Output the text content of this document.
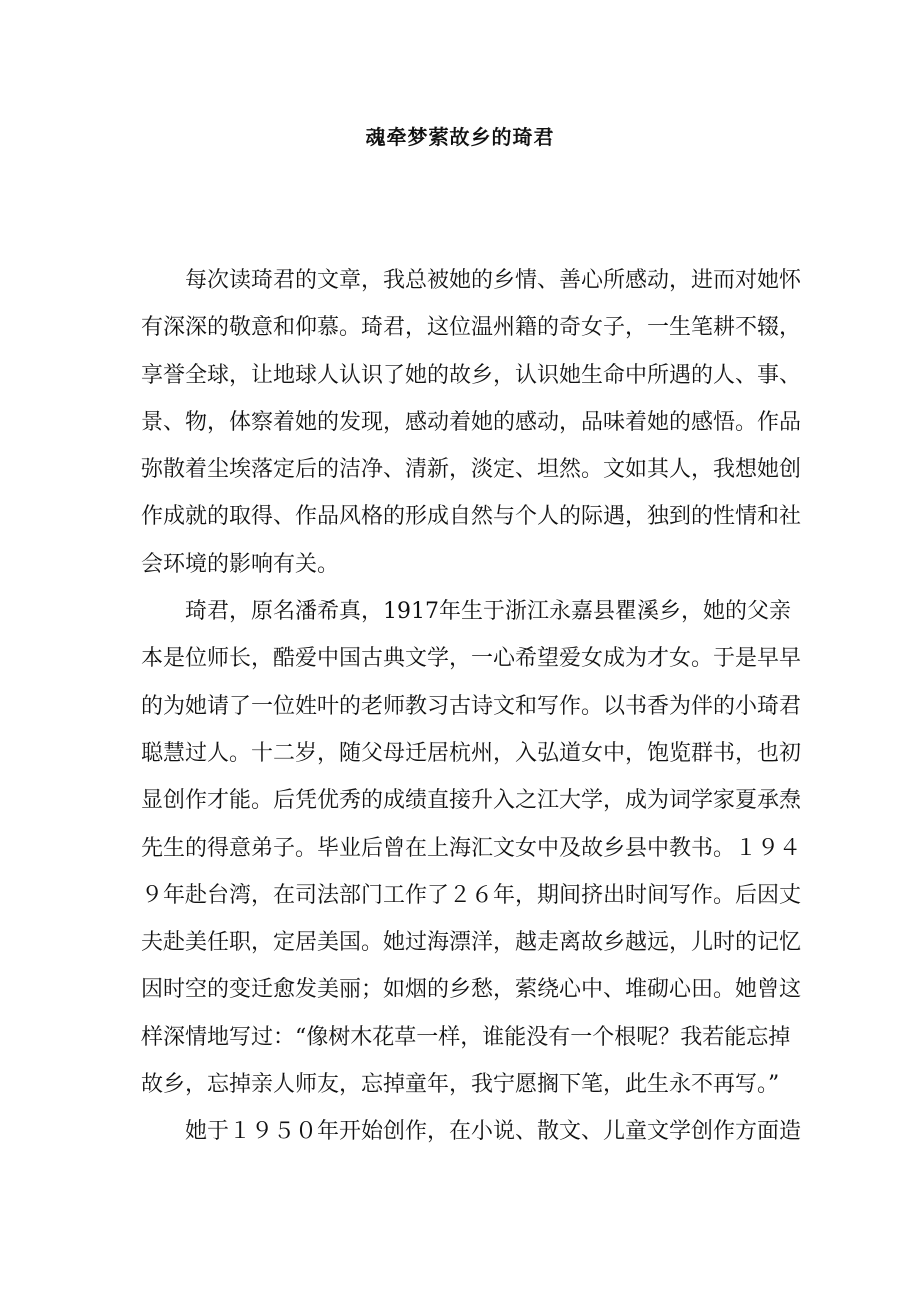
魂牵梦萦故乡的琦君
每次读琦君的文章，我总被她的乡情、善心所感动，进而对她怀
有深深的敬意和仰慕。琦君，这位温州籍的奇女子，一生笔耕不辍，
享誉全球，让地球人认识了她的故乡，认识她生命中所遇的人、事、
景、物，体察着她的发现，感动着她的感动，品味着她的感悟。作品
弥散着尘埃落定后的洁净、清新，淡定、坦然。文如其人，我想她创
作成就的取得、作品风格的形成自然与个人的际遇，独到的性情和社
会环境的影响有关。
琦君，原名潘希真，1917年生于浙江永嘉县瞿溪乡，她的父亲
本是位师长，酷爱中国古典文学，一心希望爱女成为才女。于是早早
的为她请了一位姓叶的老师教习古诗文和写作。以书香为伴的小琦君
聪慧过人。十二岁，随父母迁居杭州，入弘道女中，饱览群书，也初
显创作才能。后凭优秀的成绩直接升入之江大学，成为词学家夏承焘
先生的得意弟子。毕业后曾在上海汇文女中及故乡县中教书。１９４
９年赴台湾，在司法部门工作了２６年，期间挤出时间写作。后因丈
夫赴美任职，定居美国。她过海漂洋，越走离故乡越远，儿时的记忆
因时空的变迁愈发美丽；如烟的乡愁，萦绕心中、堆砌心田。她曾这
样深情地写过：“像树木花草一样，谁能没有一个根呢？我若能忘掉
故乡，忘掉亲人师友，忘掉童年，我宁愿搁下笔，此生永不再写。”
她于１９５０年开始创作，在小说、散文、儿童文学创作方面造
